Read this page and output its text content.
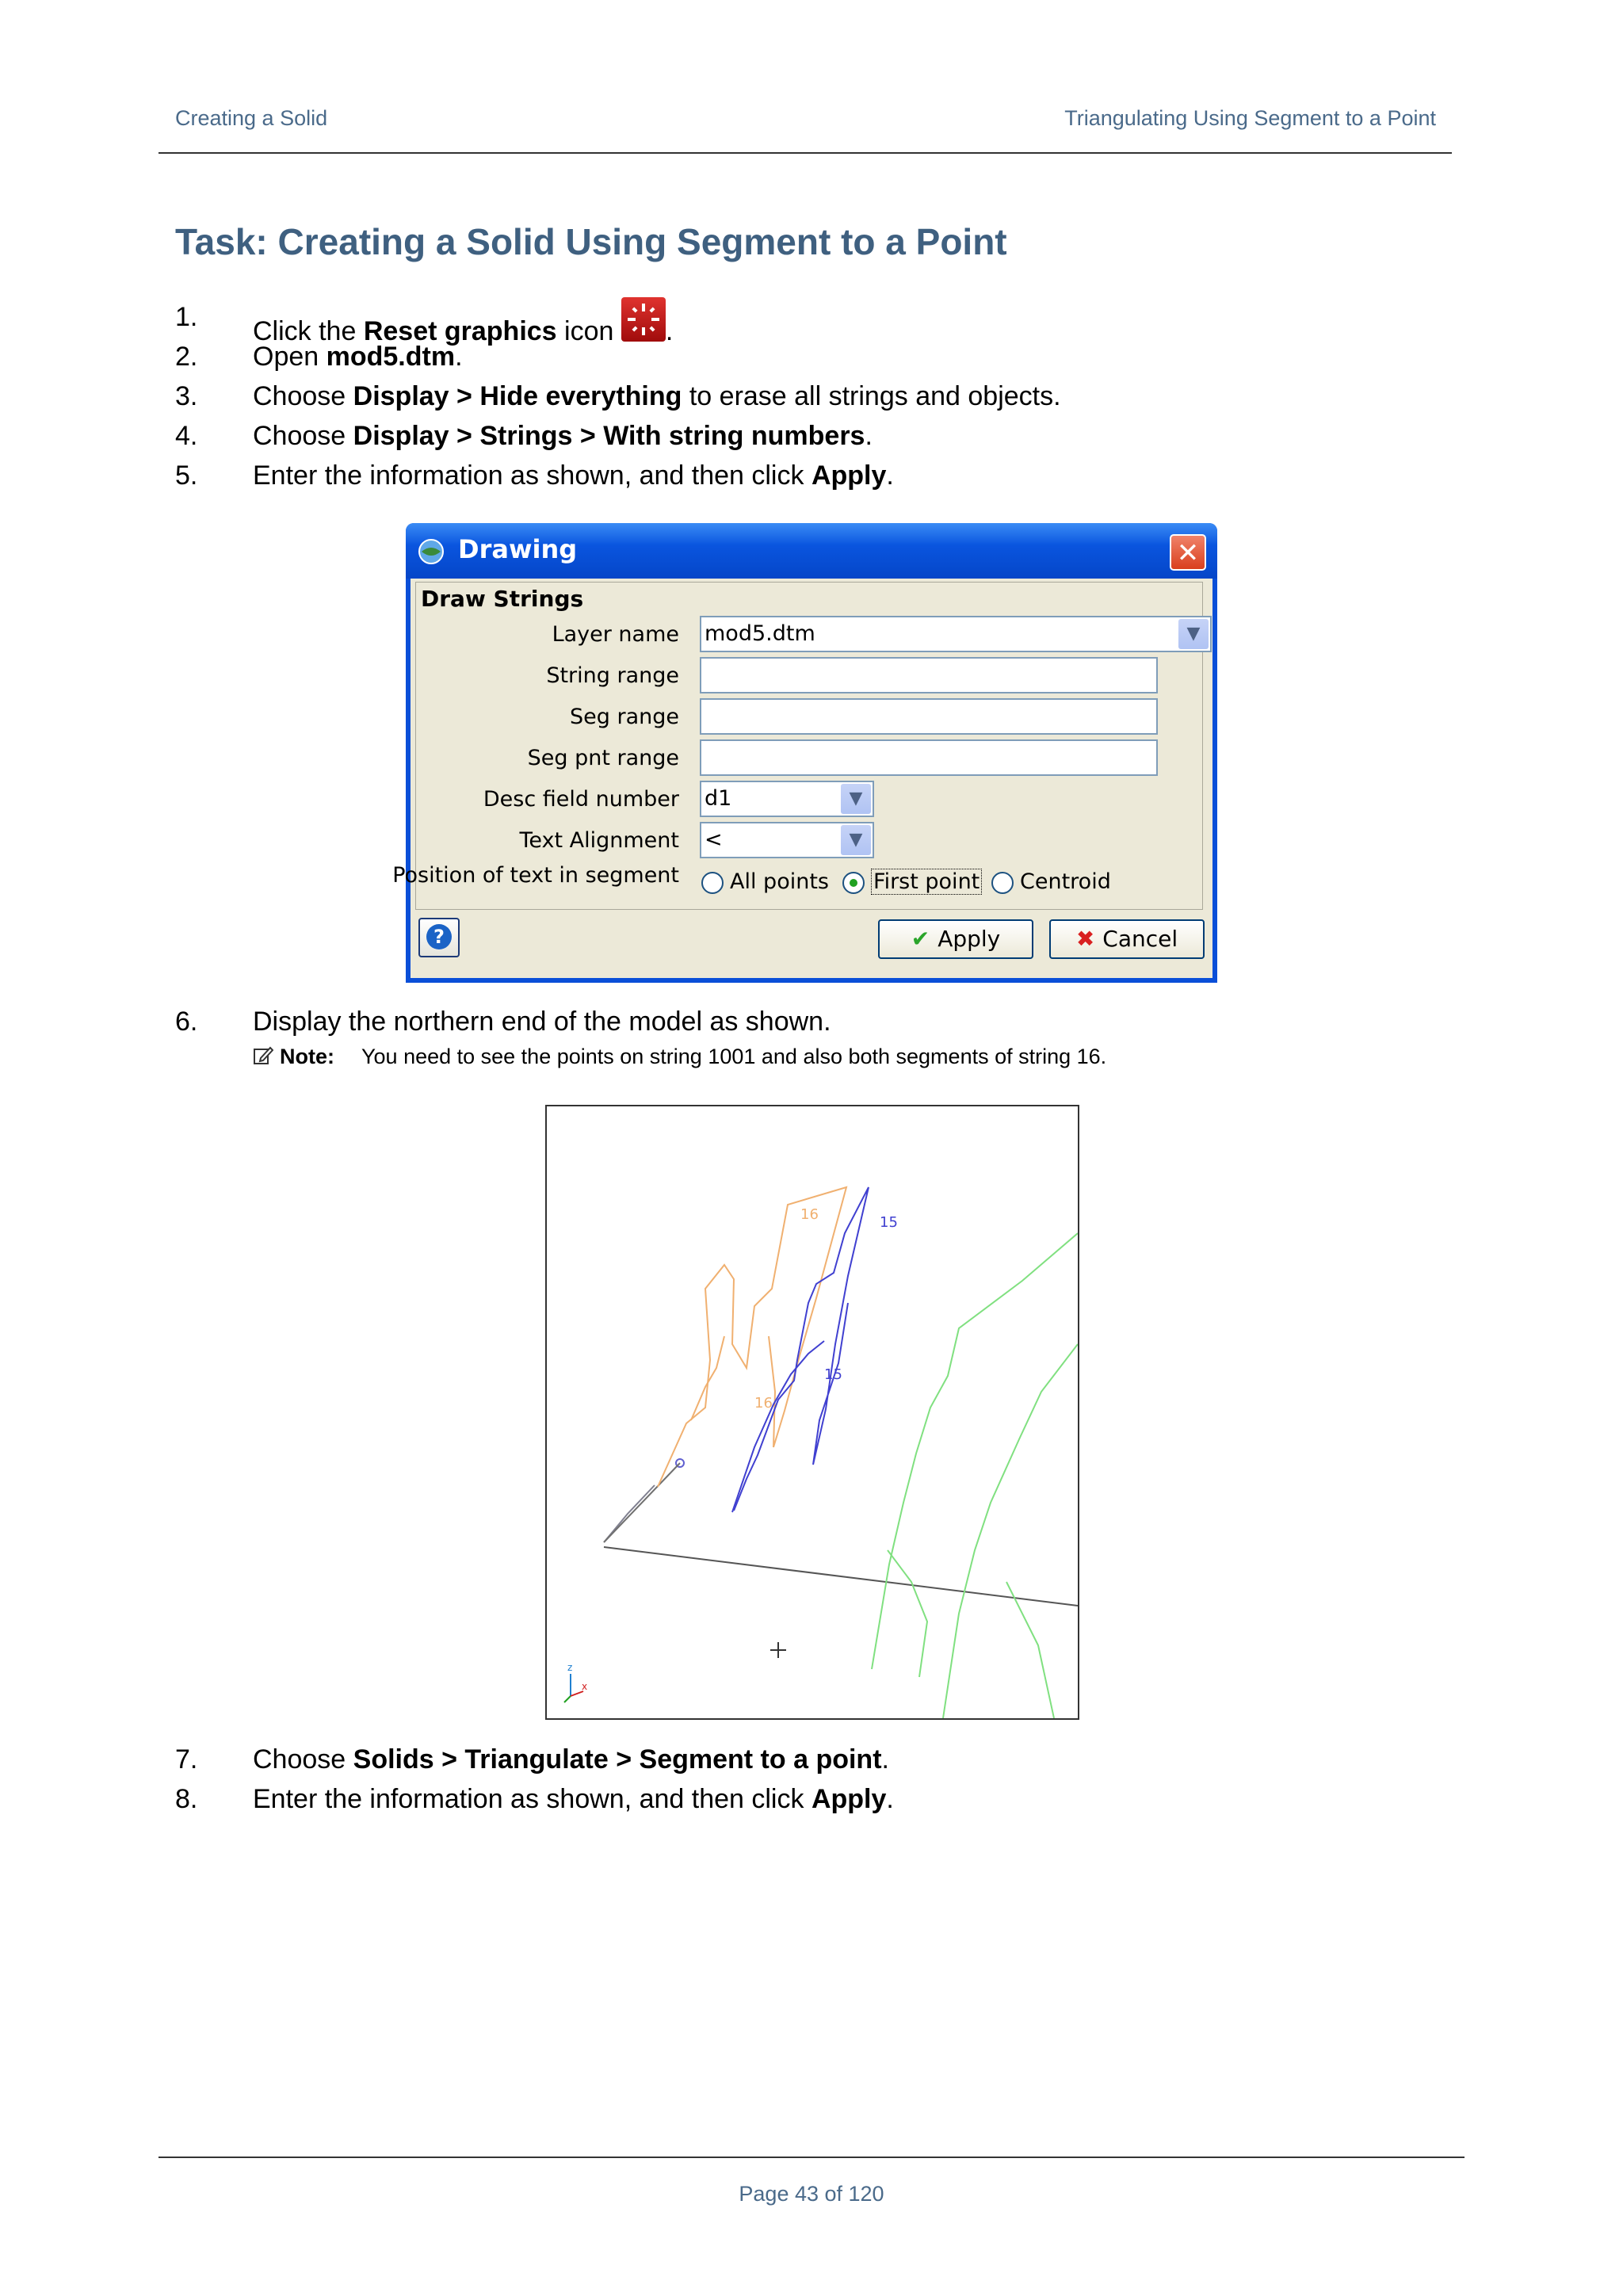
Creating a Solid	Triangulating Using Segment to a Point
Task: Creating a Solid Using Segment to a Point
1.	Click the Reset graphics icon .
2.	Open mod5.dtm.
3.	Choose Display > Hide everything to erase all strings and objects.
4.	Choose Display > Strings > With string numbers.
5.	Enter the information as shown, and then click Apply.
Drawing	✕
Draw Strings
Layer name mod5.dtm	▼
String range
Seg range
Seg pnt range
Desc field number d1	▼
Text Alignment <	▼
Position of text in segment	All points	First point	Centroid
?	✔ Apply	✖ Cancel
6.	Display the northern end of the model as shown.
Note: You need to see the points on string 1001 and also both segments of string 16.
16	15
15
16
z
x
7.	Choose Solids > Triangulate > Segment to a point.
8.	Enter the information as shown, and then click Apply.
Page 43 of 120
